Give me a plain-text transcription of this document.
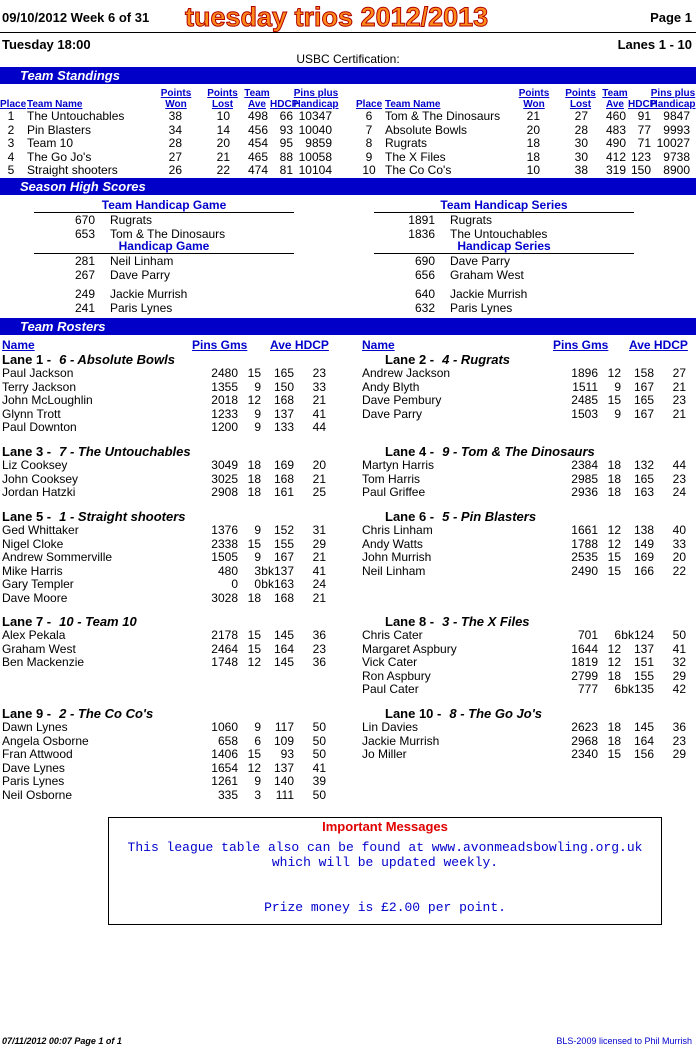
09/10/2012 Week 6 of 31 tuesday trios 2012/2013	Page 1
Tuesday 18:00	Lanes 1 - 10
USBC Certification:
Team Standings
Place Team Name
Points Won
Points Lost
Team Ave HDCP
Pins plus Handicap Place Team Name
Points Won
Points Lost
Team Ave HDCP
Pins plus Handicap
1	The Untouchables	38	10	498 66 10347
2	Pin Blasters	34	14	456 93 10040
3	Team 10	28	20	454 95	9859
4	The Go Jo's	27	21	465 88 10058
5	Straight shooters	26	22	474 81 10104
6	Tom & The Dinosaurs	21	27	460 91	9847
7	Absolute Bowls	20	28	483 77	9993
8	Rugrats	18	30	490 71 10027
9	The X Files	18	30	412 123	9738
10 The Co Co's	10	38	319 150	8900
Season High Scores
Team Handicap Game	Team Handicap Series
Handicap Game	Handicap Series
670 Rugrats
653 Tom & The Dinosaurs
1891 Rugrats
1836 The Untouchables
281 Neil Linham
267 Dave Parry
249 Jackie Murrish
241 Paris Lynes
690 Dave Parry
656 Graham West
640 Jackie Murrish
632 Paris Lynes
Team Rosters
Name	Pins Gms Ave HDCP	Name	Pins Gms Ave HDCP
Lane 1 - 6 - Absolute Bowls
Paul Jackson	2480 15	165	23
Terry Jackson	1355	9	150	33
John McLoughlin	2018 12	168	21
Glynn Trott	1233	9	137	41
Paul Downton	1200	9	133	44
Lane 2 - 4 - Rugrats
Andrew Jackson	1896 12	158	27
Andy Blyth	1511	9	167	21
Dave Pembury	2485 15	165	23
Dave Parry	1503	9	167	21
Lane 3 - 7 - The Untouchables
Liz Cooksey	3049 18	169	20
John Cooksey	3025 18	168	21
Jordan Hatzki	2908 18	161	25
Lane 4 - 9 - Tom & The Dinosaurs
Martyn Harris	2384 18	132	44
Tom Harris	2985 18	165	23
Paul Griffee	2936 18	163	24
Lane 5 - 1 - Straight shooters
Ged Whittaker	1376	9	152	31
Nigel Cloke	2338 15	155	29
Andrew Sommerville	1505	9	167	21
Mike Harris	480	3 bk137	41
Gary Templer	0	0 bk163	24
Dave Moore	3028 18	168	21
Lane 6 - 5 - Pin Blasters
Chris Linham	1661 12	138	40
Andy Watts	1788 12	149	33
John Murrish	2535 15	169	20
Neil Linham	2490 15	166	22
Lane 7 - 10 - Team 10
Alex Pekala	2178 15	145	36
Graham West	2464 15	164	23
Ben Mackenzie	1748 12	145	36
Lane 8 - 3 - The X Files
Chris Cater	701	6 bk124	50
Margaret Aspbury	1644 12	137	41
Vick Cater	1819 12	151	32
Ron Aspbury	2799 18	155	29
Paul Cater	777	6 bk135	42
Lane 9 - 2 - The Co Co's
Dawn Lynes	1060	9	117	50
Angela Osborne	658	6	109	50
Fran Attwood	1406 15	93	50
Dave Lynes	1654 12	137	41
Paris Lynes	1261	9	140	39
Neil Osborne	335	3	111	50
Lane 10 - 8 - The Go Jo's
Lin Davies	2623 18	145	36
Jackie Murrish	2968 18	164	23
Jo Miller	2340 15	156	29
Important Messages
This league table also can be found at www.avonmeadsbowling.org.uk
which will be updated weekly.
Prize money is £2.00 per point.
07/11/2012 00:07 Page 1 of 1	BLS-2009 licensed to Phil Murrish
